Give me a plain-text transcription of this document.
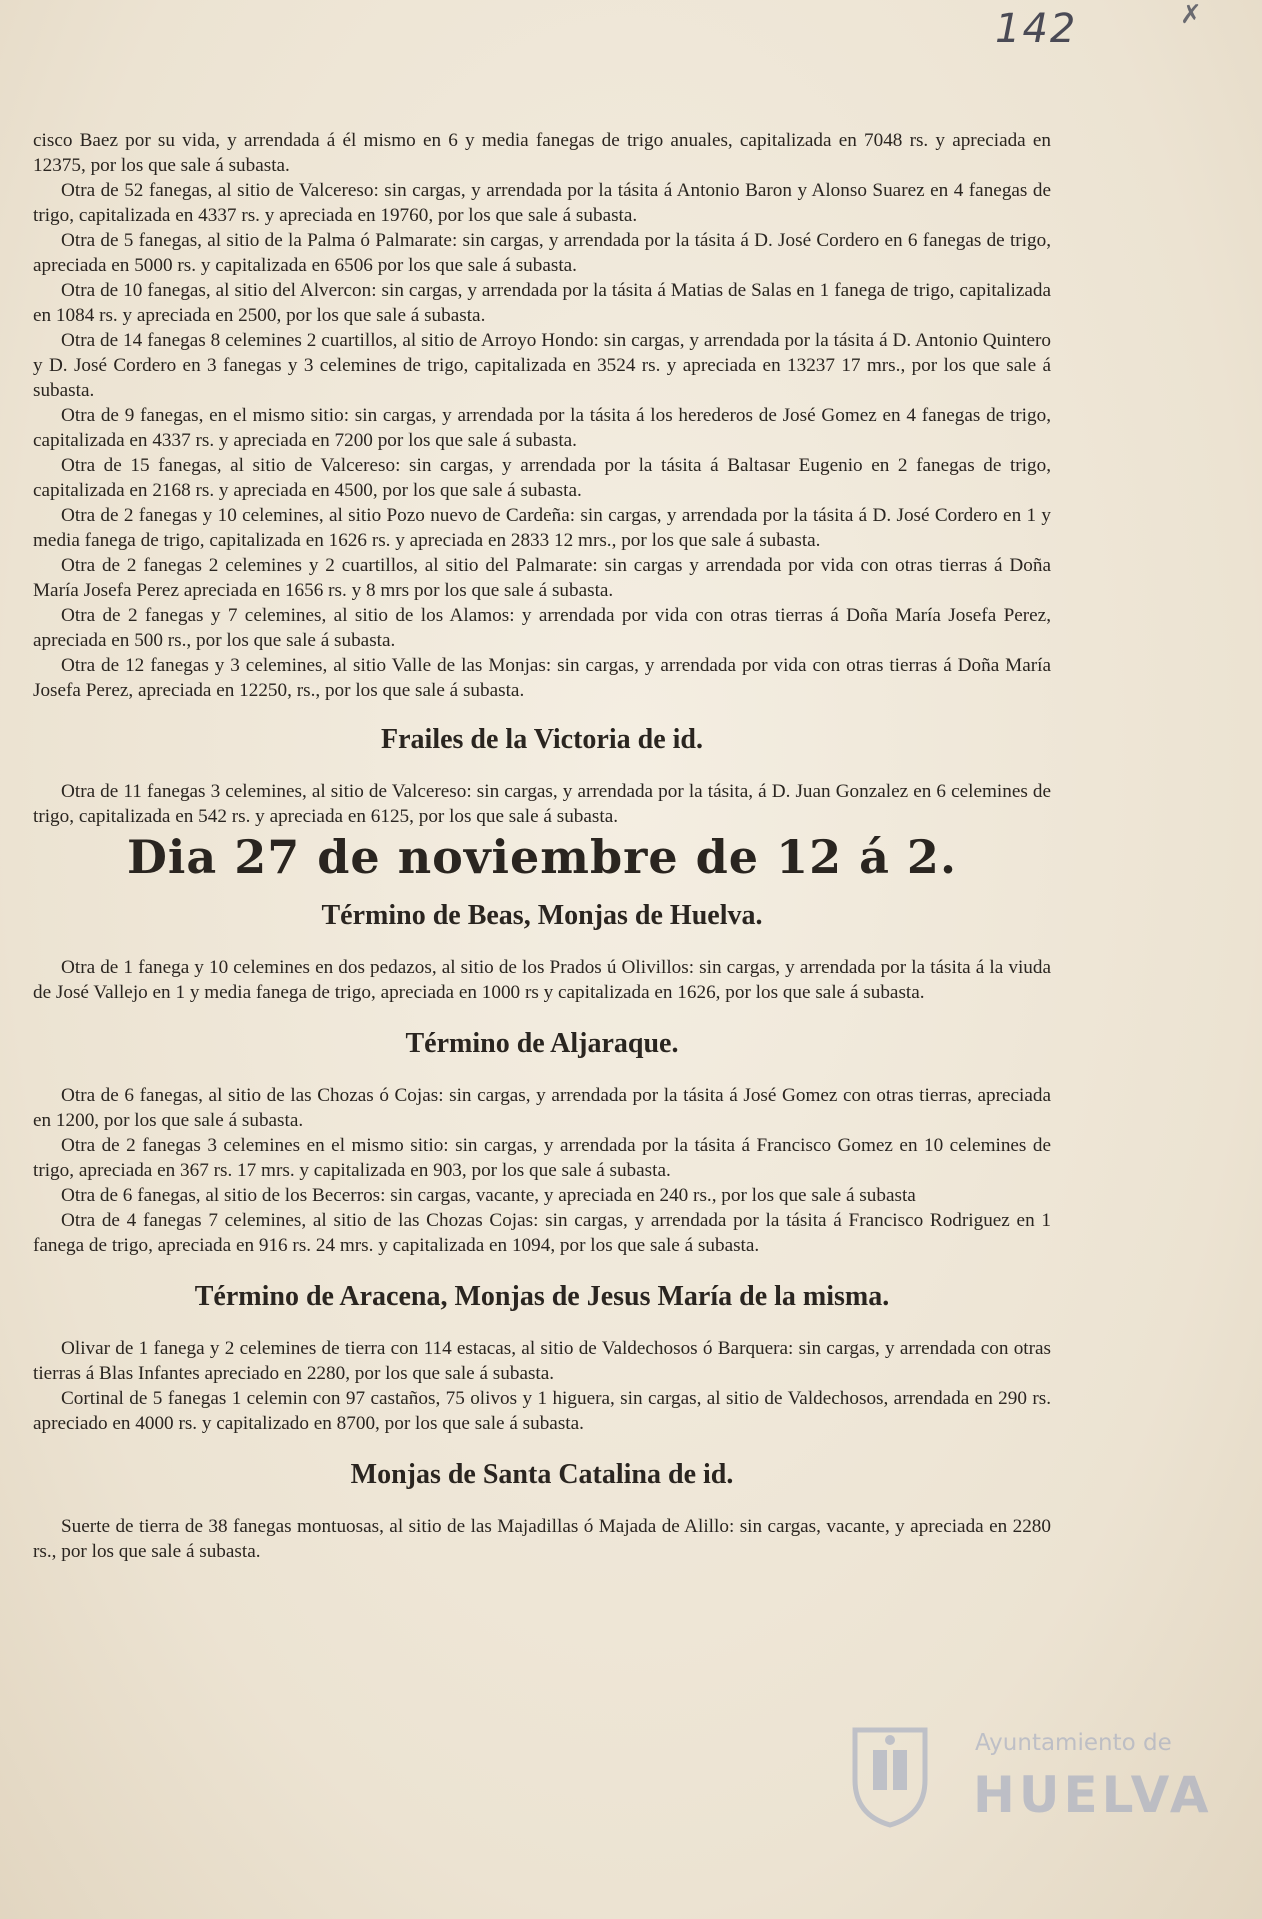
142	✗

cisco Baez por su vida, y arrendada á él mismo en 6 y media fanegas de trigo anuales, capitalizada en 7048 rs. y apreciada en 12375, por los que sale á subasta.

Otra de 52 fanegas, al sitio de Valcereso: sin cargas, y arrendada por la tásita á Antonio Baron y Alonso Suarez en 4 fanegas de trigo, capitalizada en 4337 rs. y apreciada en 19760, por los que sale á subasta.

Otra de 5 fanegas, al sitio de la Palma ó Palmarate: sin cargas, y arrendada por la tásita á D. José Cordero en 6 fanegas de trigo, apreciada en 5000 rs. y capitalizada en 6506 por los que sale á subasta.

Otra de 10 fanegas, al sitio del Alvercon: sin cargas, y arrendada por la tásita á Matias de Salas en 1 fanega de trigo, capitalizada en 1084 rs. y apreciada en 2500, por los que sale á subasta.

Otra de 14 fanegas 8 celemines 2 cuartillos, al sitio de Arroyo Hondo: sin cargas, y arrendada por la tásita á D. Antonio Quintero y D. José Cordero en 3 fanegas y 3 celemines de trigo, capitalizada en 3524 rs. y apreciada en 13237 17 mrs., por los que sale á subasta.

Otra de 9 fanegas, en el mismo sitio: sin cargas, y arrendada por la tásita á los herederos de José Gomez en 4 fanegas de trigo, capitalizada en 4337 rs. y apreciada en 7200 por los que sale á subasta.

Otra de 15 fanegas, al sitio de Valcereso: sin cargas, y arrendada por la tásita á Baltasar Eugenio en 2 fanegas de trigo, capitalizada en 2168 rs. y apreciada en 4500, por los que sale á subasta.

Otra de 2 fanegas y 10 celemines, al sitio Pozo nuevo de Cardeña: sin cargas, y arrendada por la tásita á D. José Cordero en 1 y media fanega de trigo, capitalizada en 1626 rs. y apreciada en 2833 12 mrs., por los que sale á subasta.

Otra de 2 fanegas 2 celemines y 2 cuartillos, al sitio del Palmarate: sin cargas y arrendada por vida con otras tierras á Doña María Josefa Perez apreciada en 1656 rs. y 8 mrs por los que sale á subasta.

Otra de 2 fanegas y 7 celemines, al sitio de los Alamos: y arrendada por vida con otras tierras á Doña María Josefa Perez, apreciada en 500 rs., por los que sale á subasta.

Otra de 12 fanegas y 3 celemines, al sitio Valle de las Monjas: sin cargas, y arrendada por vida con otras tierras á Doña María Josefa Perez, apreciada en 12250, rs., por los que sale á subasta.

Frailes de la Victoria de id.

Otra de 11 fanegas 3 celemines, al sitio de Valcereso: sin cargas, y arrendada por la tásita, á D. Juan Gonzalez en 6 celemines de trigo, capitalizada en 542 rs. y apreciada en 6125, por los que sale á subasta.

Dia 27 de noviembre de 12 á 2.
Término de Beas, Monjas de Huelva.

Otra de 1 fanega y 10 celemines en dos pedazos, al sitio de los Prados ú Olivillos: sin cargas, y arrendada por la tásita á la viuda de José Vallejo en 1 y media fanega de trigo, apreciada en 1000 rs y capitalizada en 1626, por los que sale á subasta.

Término de Aljaraque.

Otra de 6 fanegas, al sitio de las Chozas ó Cojas: sin cargas, y arrendada por la tásita á José Gomez con otras tierras, apreciada en 1200, por los que sale á subasta.

Otra de 2 fanegas 3 celemines en el mismo sitio: sin cargas, y arrendada por la tásita á Francisco Gomez en 10 celemines de trigo, apreciada en 367 rs. 17 mrs. y capitalizada en 903, por los que sale á subasta.

Otra de 6 fanegas, al sitio de los Becerros: sin cargas, vacante, y apreciada en 240 rs., por los que sale á subasta

Otra de 4 fanegas 7 celemines, al sitio de las Chozas Cojas: sin cargas, y arrendada por la tásita á Francisco Rodriguez en 1 fanega de trigo, apreciada en 916 rs. 24 mrs. y capitalizada en 1094, por los que sale á subasta.

Término de Aracena, Monjas de Jesus María de la misma.

Olivar de 1 fanega y 2 celemines de tierra con 114 estacas, al sitio de Valdechosos ó Barquera: sin cargas, y arrendada con otras tierras á Blas Infantes apreciado en 2280, por los que sale á subasta.

Cortinal de 5 fanegas 1 celemin con 97 castaños, 75 olivos y 1 higuera, sin cargas, al sitio de Valdechosos, arrendada en 290 rs. apreciado en 4000 rs. y capitalizado en 8700, por los que sale á subasta.

Monjas de Santa Catalina de id.

Suerte de tierra de 38 fanegas montuosas, al sitio de las Majadillas ó Majada de Alillo: sin cargas, vacante, y apreciada en 2280 rs., por los que sale á subasta.

Ayuntamiento de
HUELVA
